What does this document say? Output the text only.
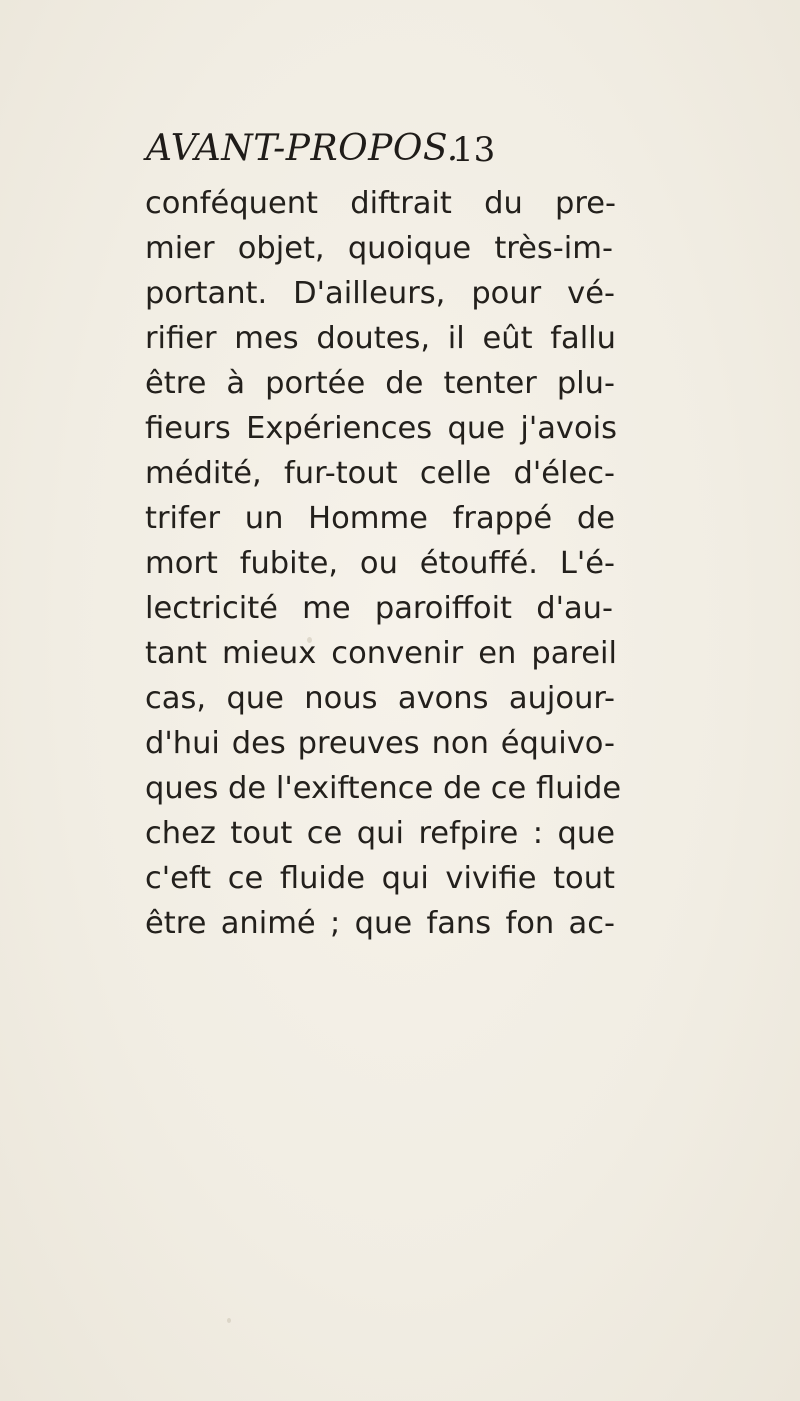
AVANT-PROPOS.
13
conféquent diftrait du pre-
mier objet, quoique très-im-
portant. D'ailleurs, pour vé-
rifier mes doutes, il eût fallu
être à portée de tenter plu-
fieurs Expériences que j'avois
médité, fur-tout celle d'élec-
trifer un Homme frappé de
mort fubite, ou étouffé. L'é-
lectricité me paroiffoit d'au-
tant mieux convenir en pareil
cas, que nous avons aujour-
d'hui des preuves non équivo-
ques de l'exiftence de ce fluide
chez tout ce qui refpire : que
c'eft ce fluide qui vivifie tout
être animé ; que fans fon ac-
